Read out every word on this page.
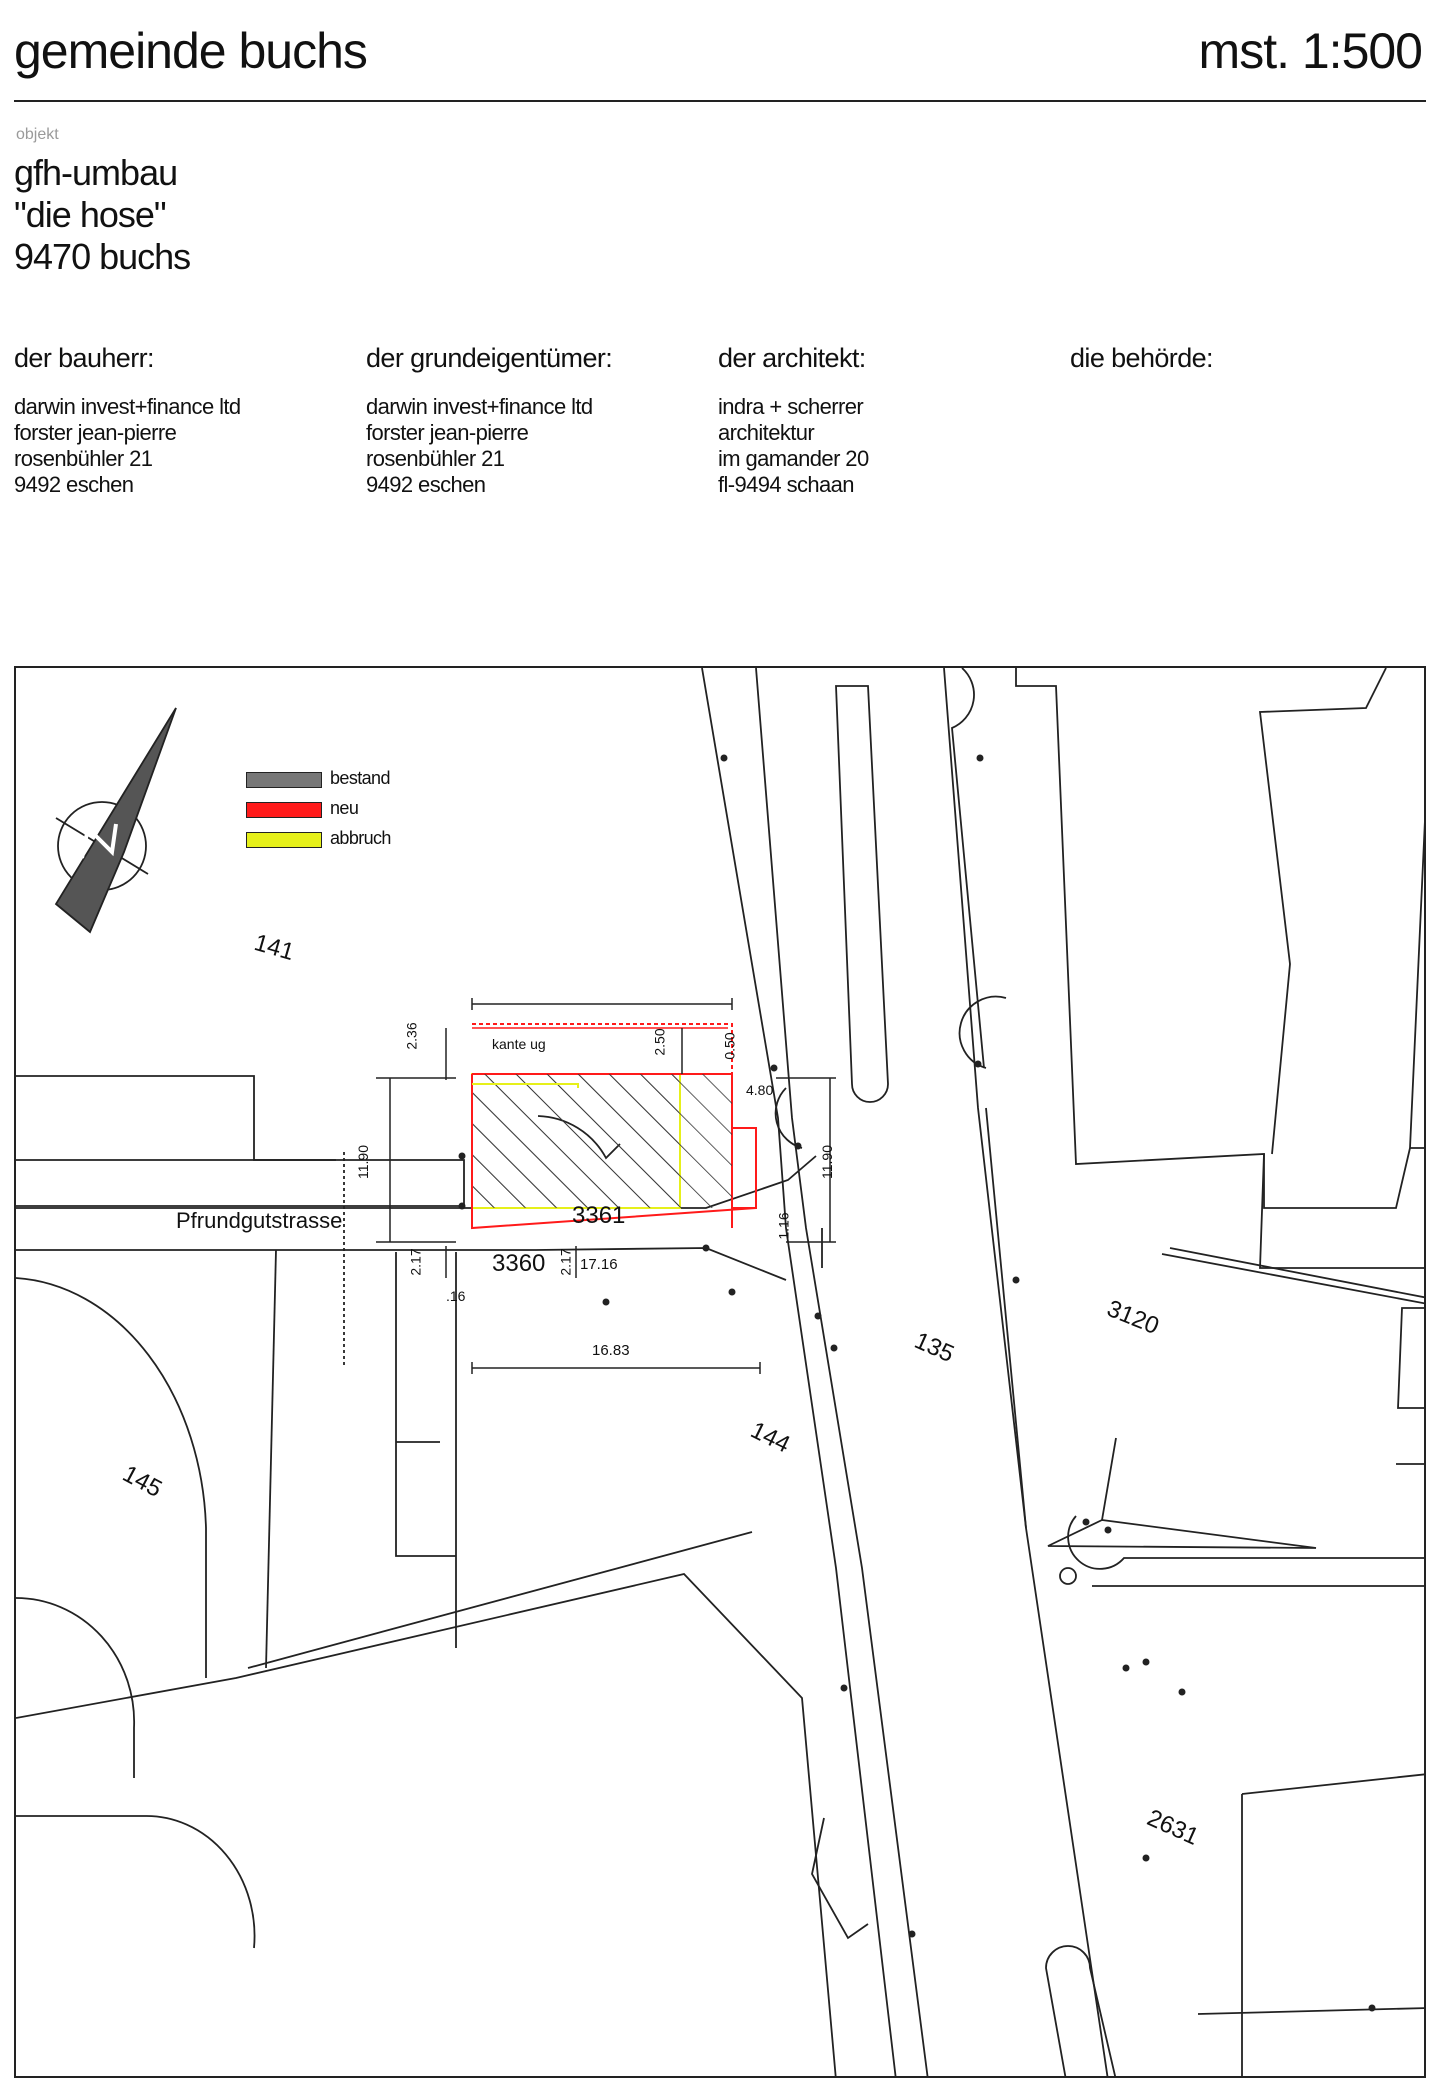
gemeinde buchs	mst. 1:500
objekt
gfh-umbau
"die hose"
9470 buchs
der bauherr:
darwin invest+finance ltd
forster jean-pierre
rosenbühler 21
9492 eschen
der grundeigentümer:
darwin invest+finance ltd
forster jean-pierre
rosenbühler 21
9492 eschen
der architekt:
indra + scherrer
architektur
im gamander 20
fl-9494 schaan
die behörde:
bestand
neu
abbruch
141
Pfrundgutstrasse	3361
3360
135
3120
145
144
2631
kante ug
17.16
2.36	2.50	0.50
4.80
11.90	11.90
2.17	2.17
.16
1.16
16.83
